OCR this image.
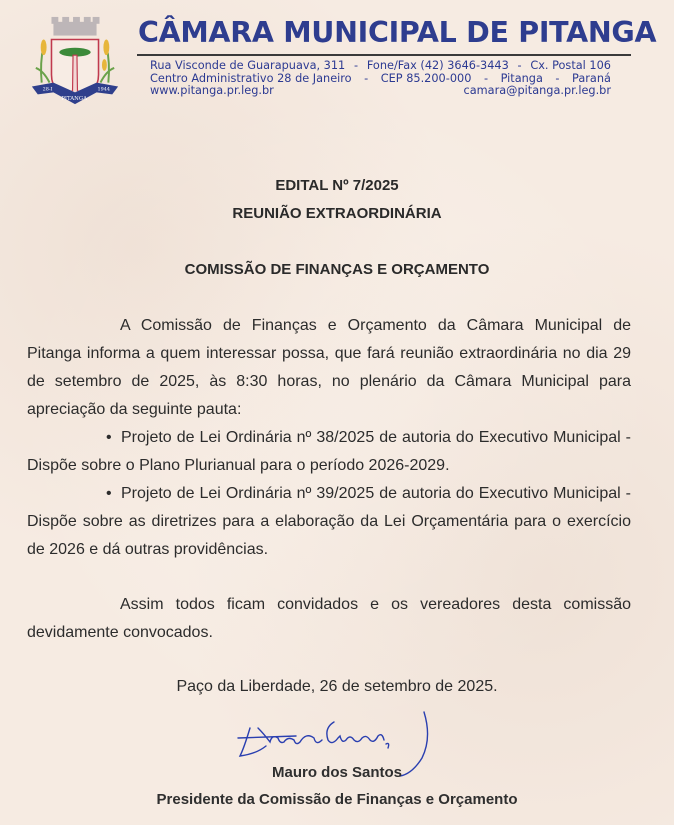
28-I	1944
PITANGA
CÂMARA MUNICIPAL DE PITANGA
Rua Visconde de Guarapuava, 311 - Fone/Fax (42) 3646-3443 - Cx. Postal 106
Centro Administrativo 28 de Janeiro - CEP 85.200-000 - Pitanga - Paraná
www.pitanga.pr.leg.br	camara@pitanga.pr.leg.br
EDITAL Nº 7/2025
REUNIÃO EXTRAORDINÁRIA
COMISSÃO DE FINANÇAS E ORÇAMENTO
A Comissão de Finanças e Orçamento da Câmara Municipal de
Pitanga informa a quem interessar possa, que fará reunião extraordinária no dia 29
de setembro de 2025, às 8:30 horas, no plenário da Câmara Municipal para
apreciação da seguinte pauta:
• Projeto de Lei Ordinária nº 38/2025 de autoria do Executivo Municipal -
Dispõe sobre o Plano Plurianual para o período 2026-2029.
• Projeto de Lei Ordinária nº 39/2025 de autoria do Executivo Municipal -
Dispõe sobre as diretrizes para a elaboração da Lei Orçamentária para o exercício
de 2026 e dá outras providências.
Assim todos ficam convidados e os vereadores desta comissão
devidamente convocados.
Paço da Liberdade, 26 de setembro de 2025.
Mauro dos Santos
Presidente da Comissão de Finanças e Orçamento
